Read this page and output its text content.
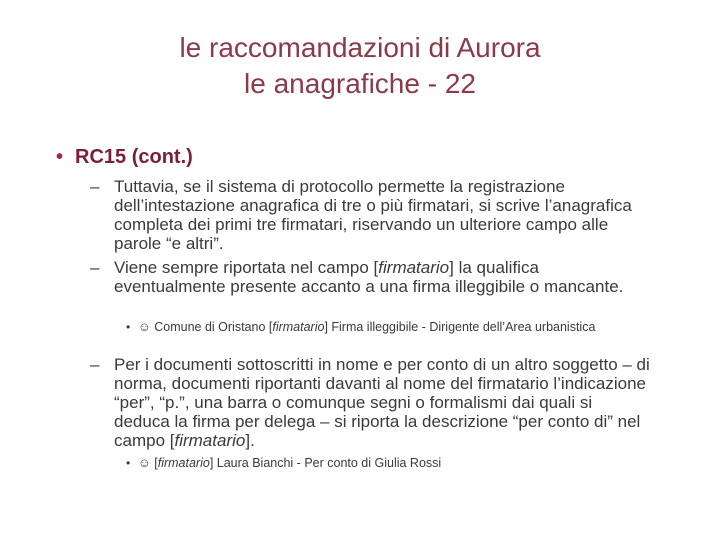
le raccomandazioni di Aurora
le anagrafiche - 22
• RC15 (cont.)
– Tuttavia, se il sistema di protocollo permette la registrazione dell’intestazione anagrafica di tre o più firmatari, si scrive l’anagrafica completa dei primi tre firmatari, riservando un ulteriore campo alle parole “e altri”.
– Viene sempre riportata nel campo [firmatario] la qualifica eventualmente presente accanto a una firma illeggibile o mancante.
• ☺ Comune di Oristano [firmatario] Firma illeggibile - Dirigente dell’Area urbanistica
– Per i documenti sottoscritti in nome e per conto di un altro soggetto – di norma, documenti riportanti davanti al nome del firmatario l’indicazione “per”, “p.”, una barra o comunque segni o formalismi dai quali si deduca la firma per delega – si riporta la descrizione “per conto di” nel campo [firmatario].
• ☺ [firmatario] Laura Bianchi - Per conto di Giulia Rossi
